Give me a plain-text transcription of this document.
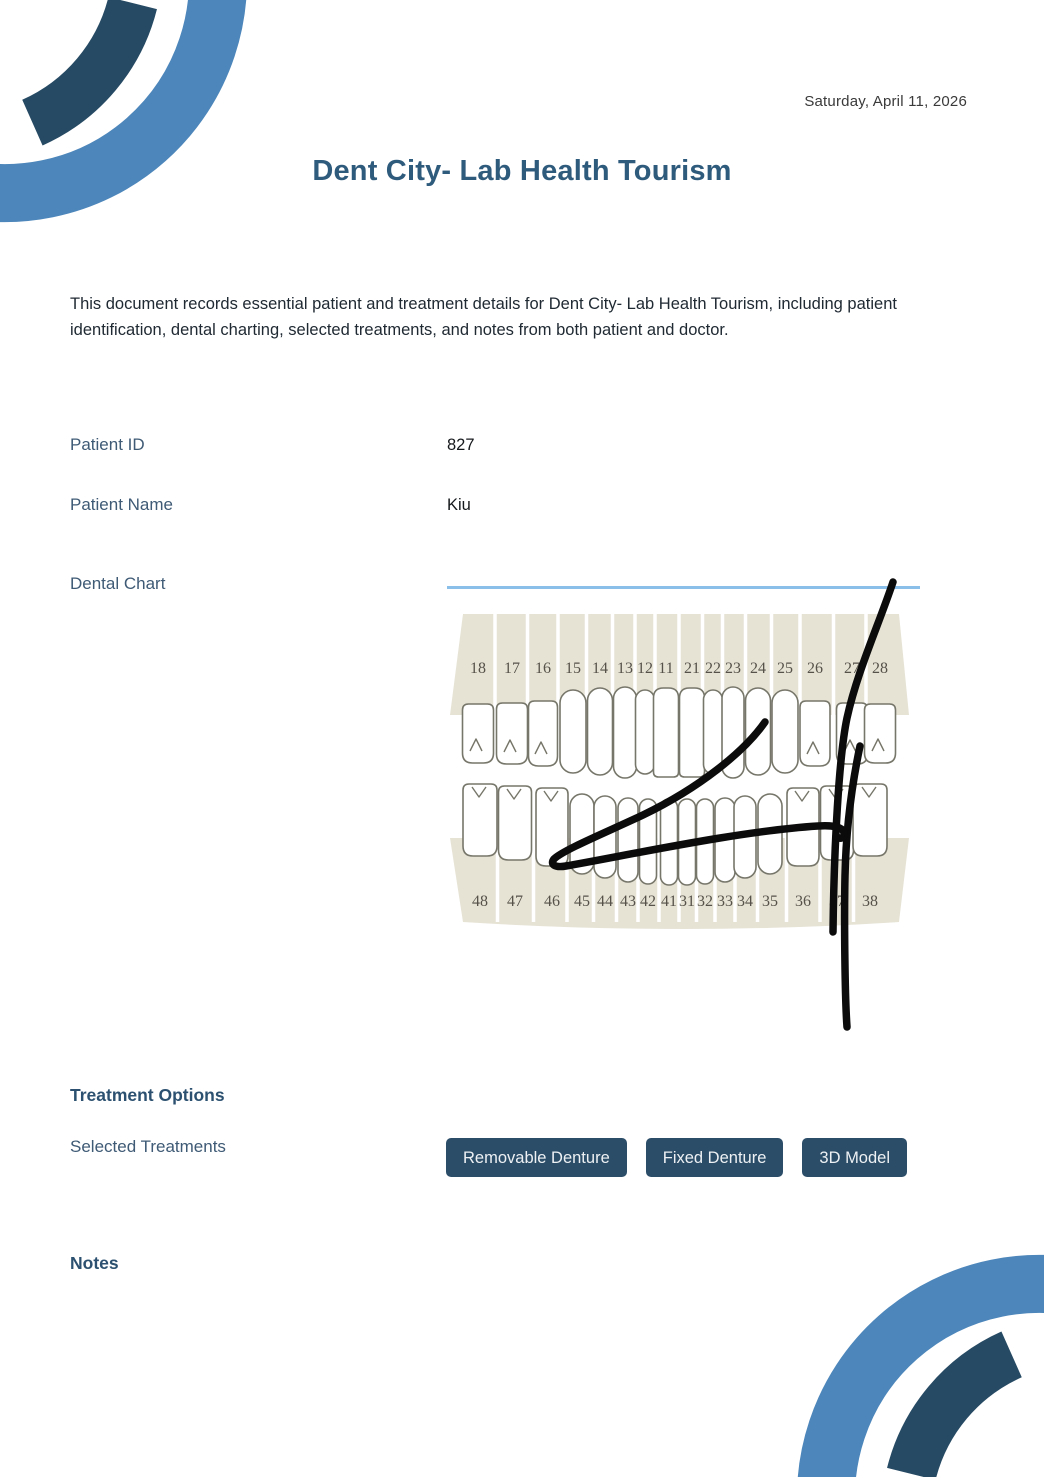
Saturday, April 11, 2026
Dent City- Lab Health Tourism

This document records essential patient and treatment details for Dent City- Lab Health Tourism, including patient identification, dental charting, selected treatments, and notes from both patient and doctor.

Patient ID	827
Patient Name	Kiu
Dental Chart
18 17 16 15 14 13 12 11 21 22 23 24 25 26 27 28
48 47 46 45 44 43 42 41 31 32 33 34 35 36 37 38
Treatment Options
Selected Treatments
Removable Denture	Fixed Denture	3D Model
Notes
